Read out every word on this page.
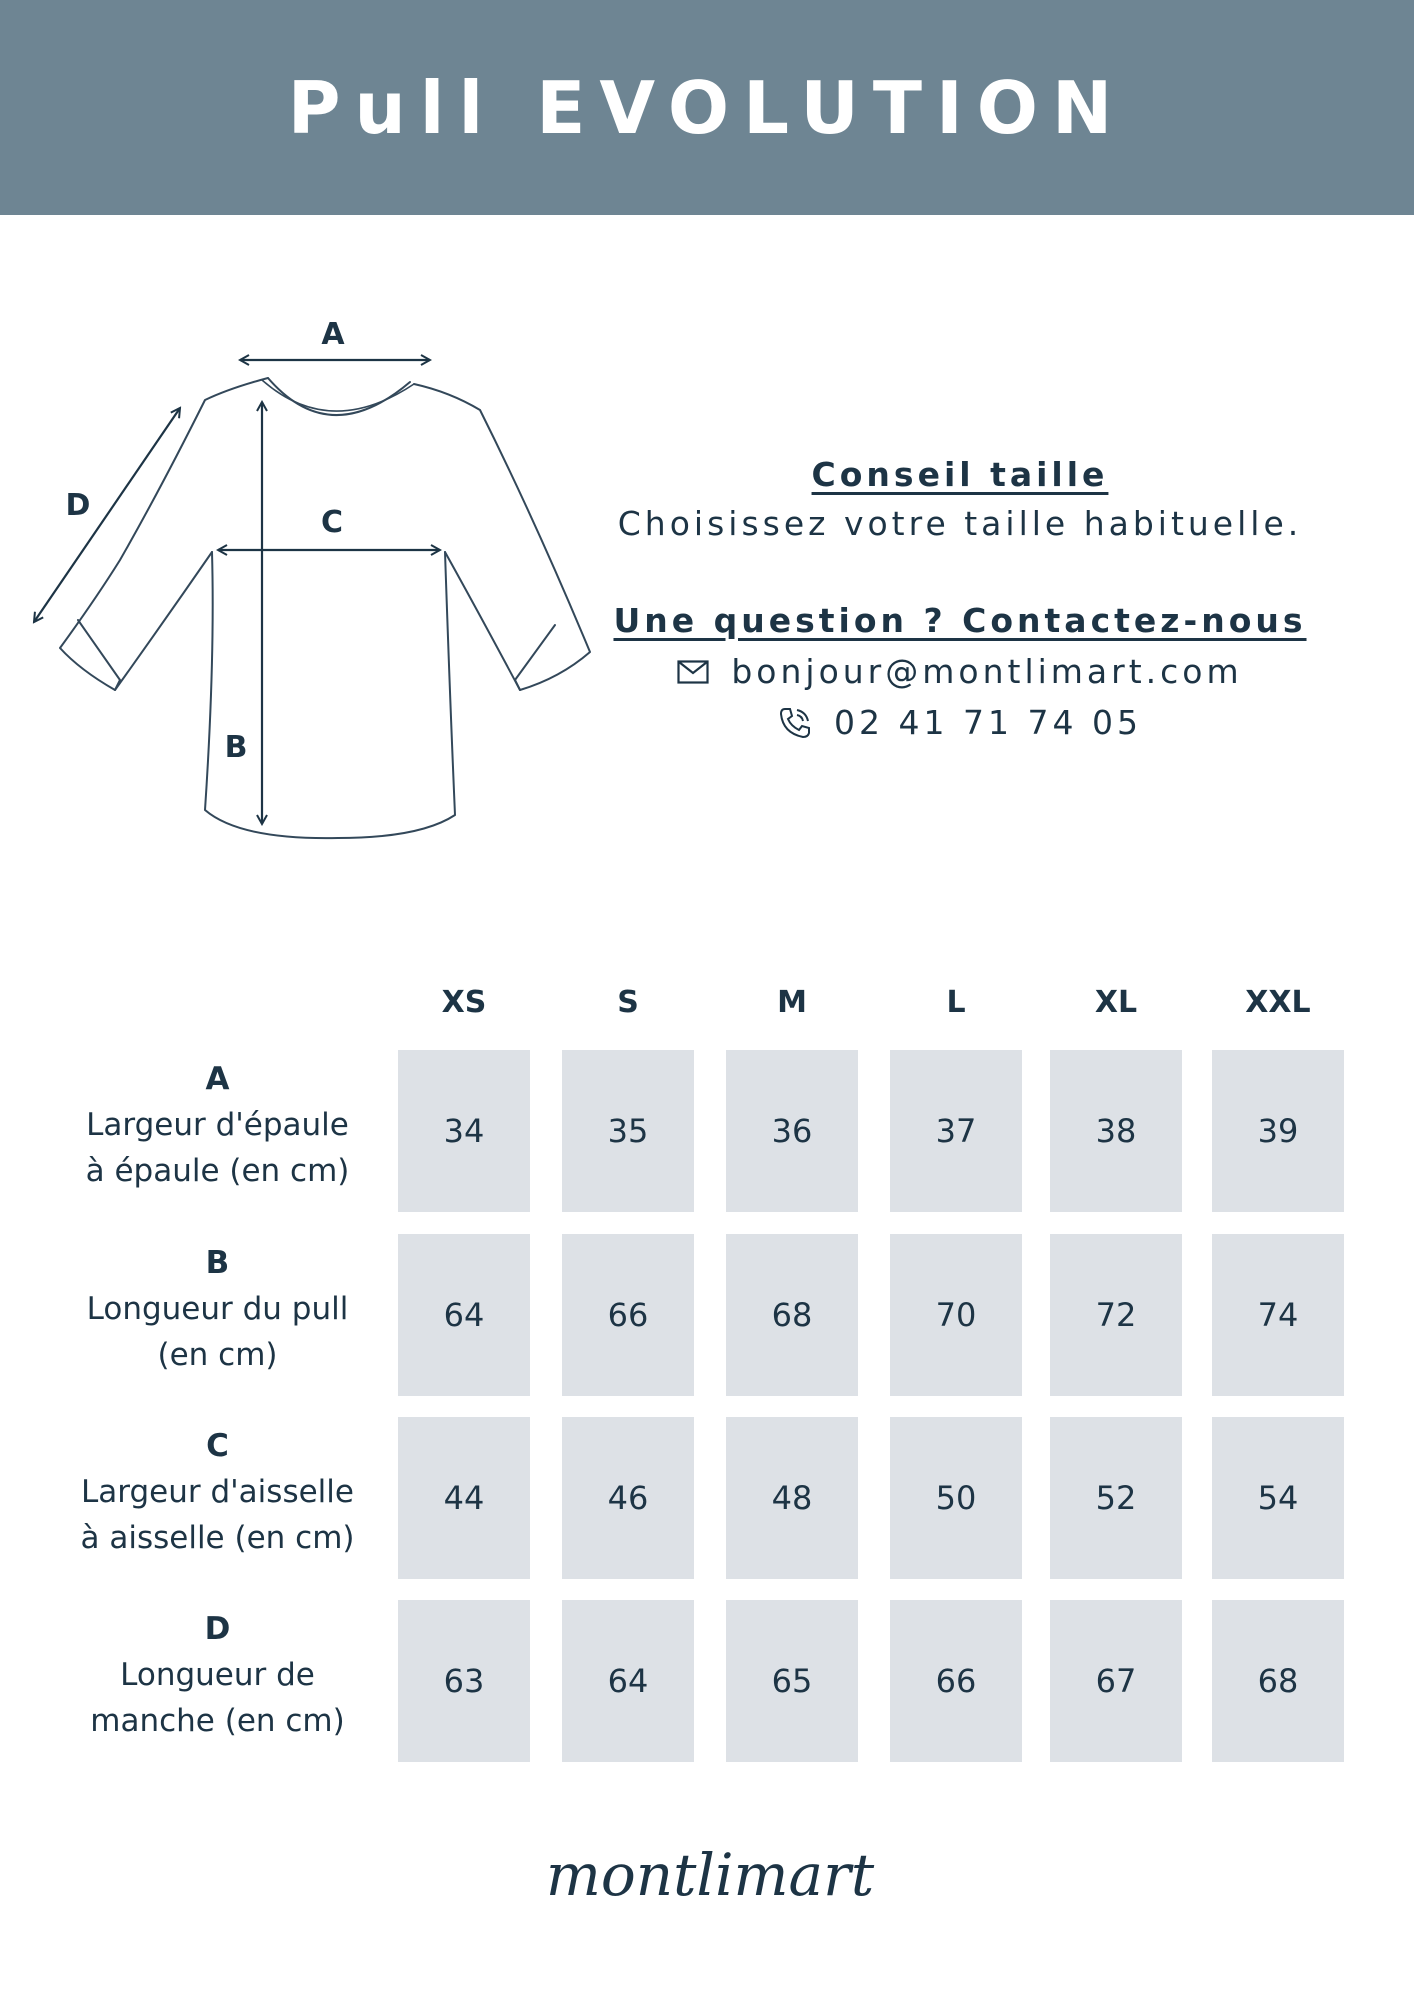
Pull EVOLUTION
A
B
C
D

Conseil taille

Choisissez votre taille habituelle.

Une question ? Contactez-nous

bonjour@montlimart.com
02 41 71 74 05
XS	S	M	L	XL	XXL
A
Largeur d'épaule
à épaule (en cm)
34	35	36	37	38	39
B
Longueur du pull
(en cm)
64	66	68	70	72	74
C
Largeur d'aisselle
à aisselle (en cm)
44	46	48	50	52	54
D
Longueur de
manche (en cm)
63	64	65	66	67	68
montlimart
